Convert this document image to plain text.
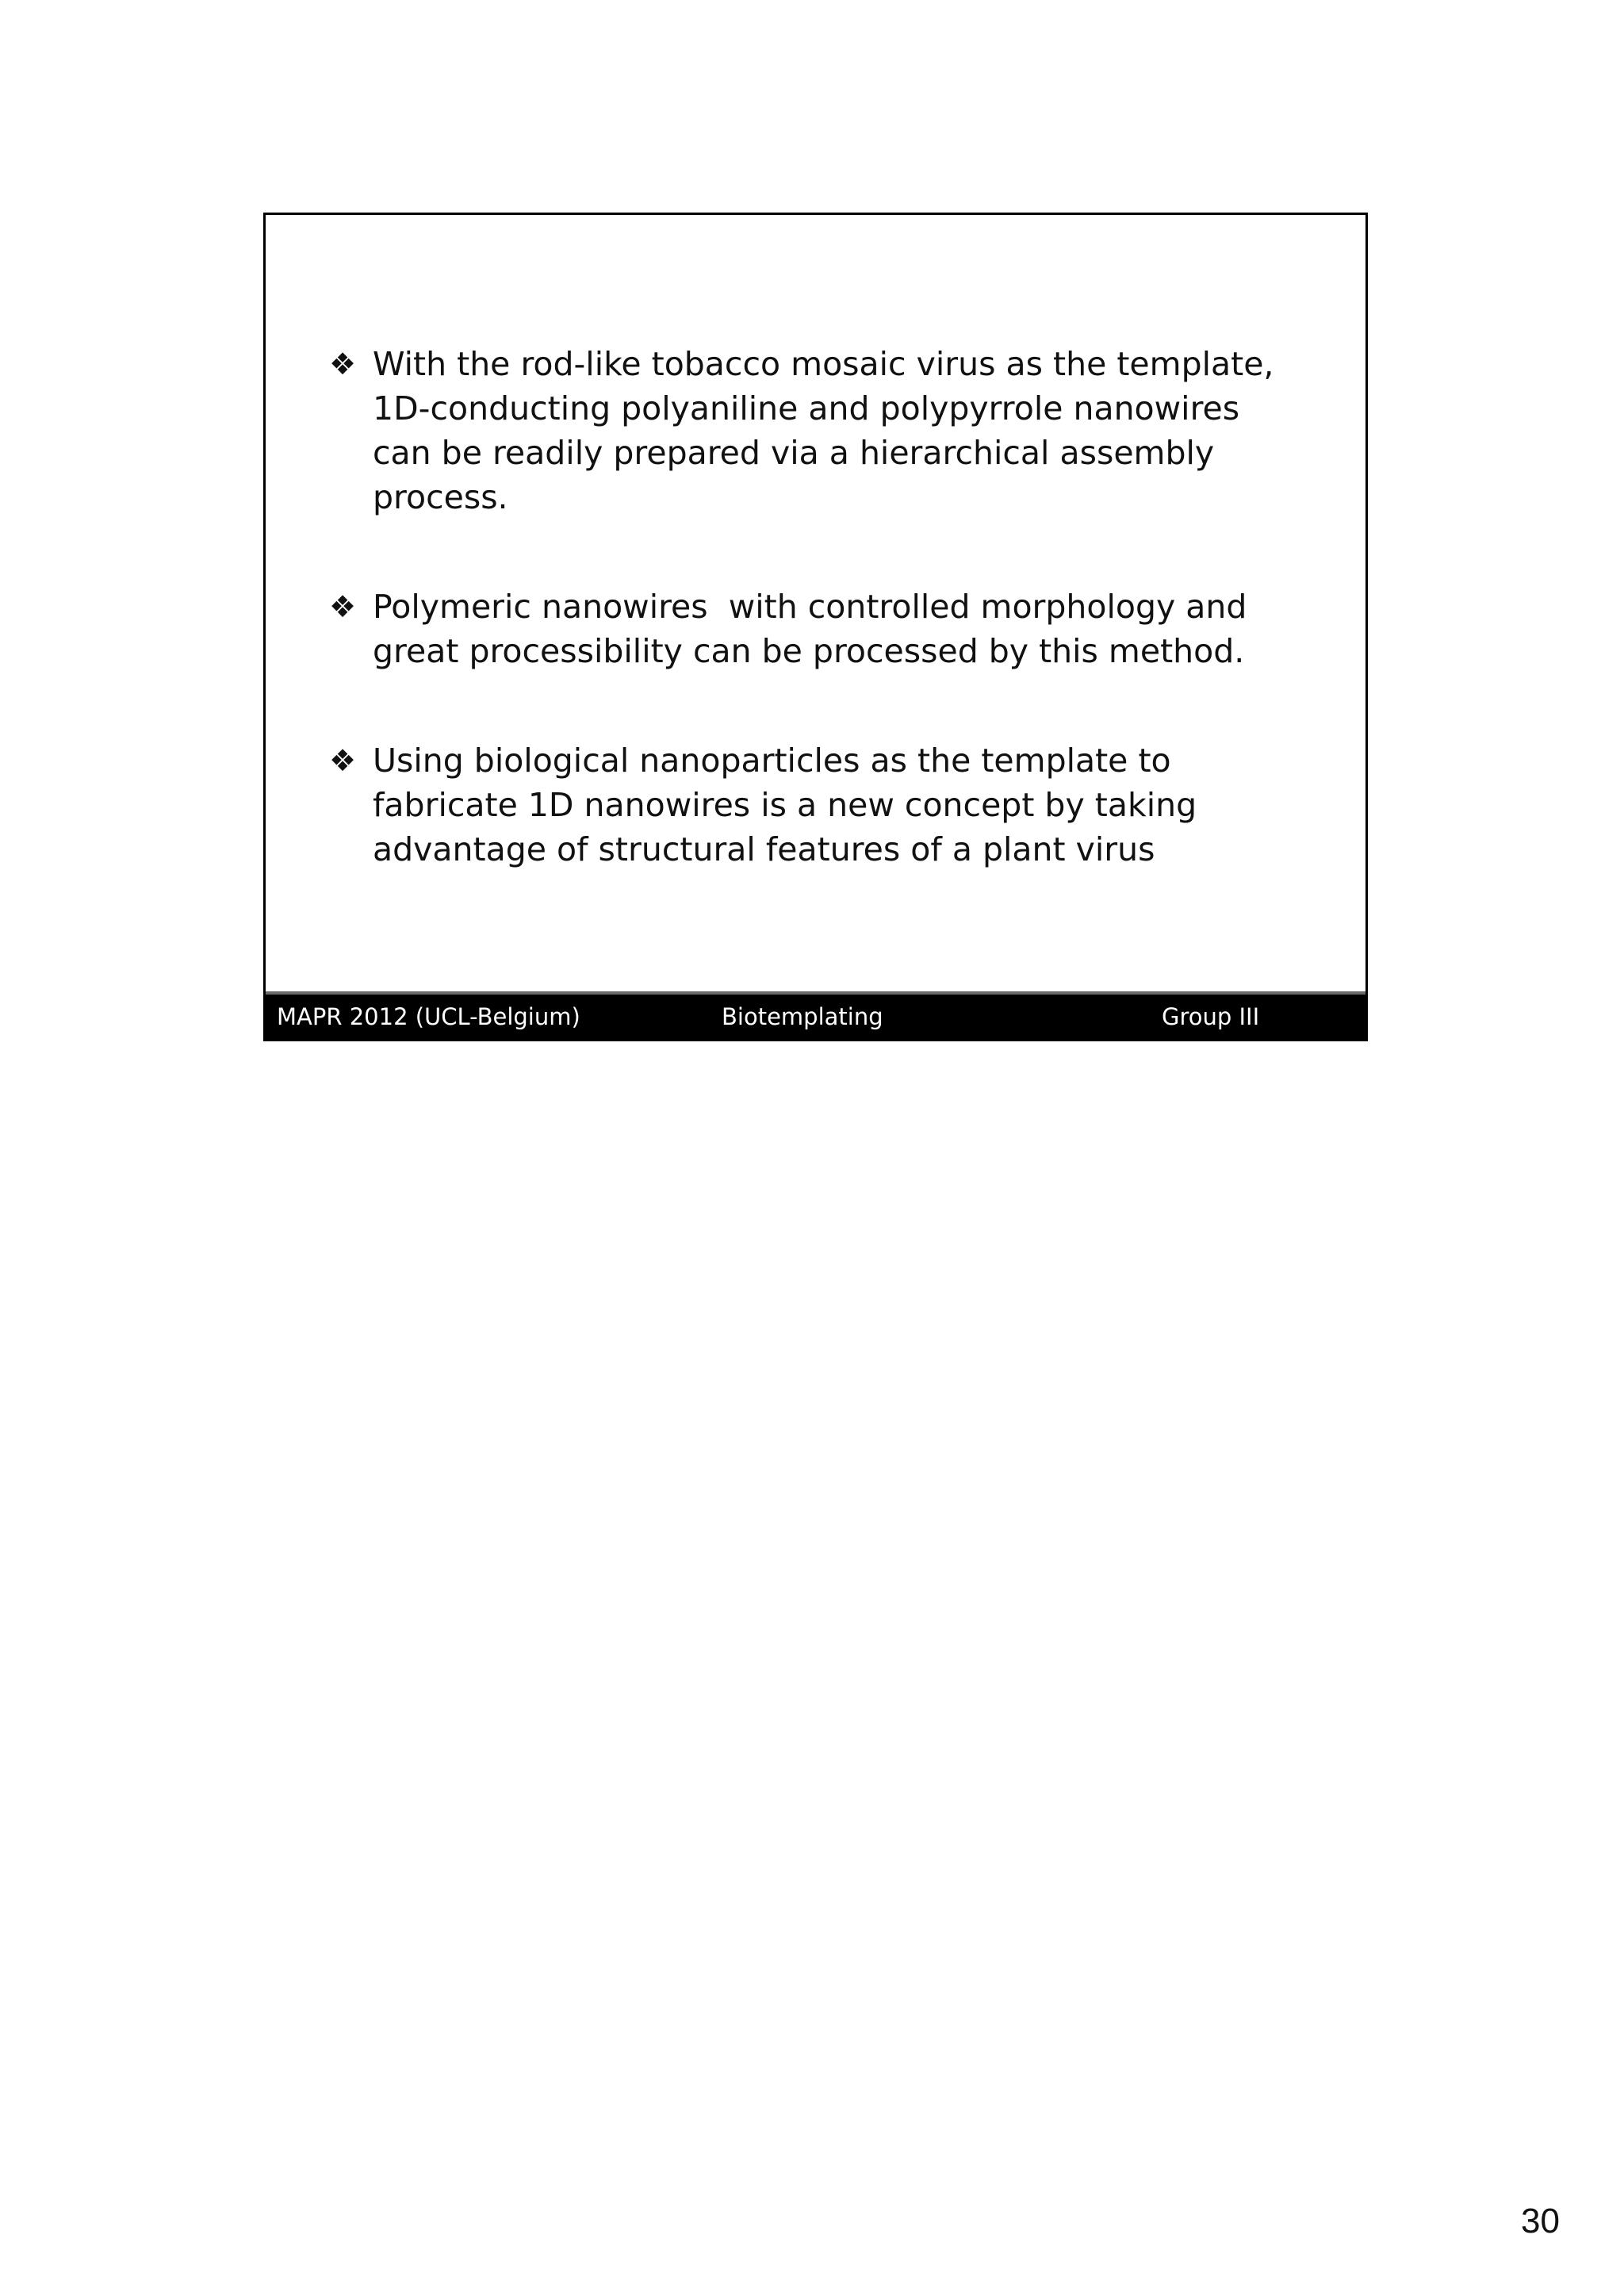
❖ With the rod-like tobacco mosaic virus as the template, 1D-conducting polyaniline and polypyrrole nanowires can be readily prepared via a hierarchical assembly process.
❖ Polymeric nanowires  with controlled morphology and great processibility can be processed by this method.
❖ Using biological nanoparticles as the template to fabricate 1D nanowires is a new concept by taking advantage of structural features of a plant virus
MAPR 2012 (UCL-Belgium)	Biotemplating	Group III
30
